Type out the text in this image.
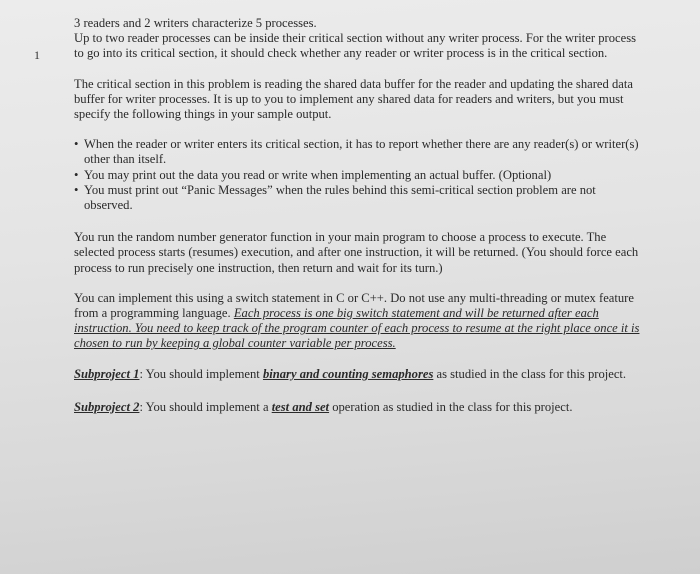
1

3 readers and 2 writers characterize 5 processes.

Up to two reader processes can be inside their critical section without any writer process. For the writer process to go into its critical section, it should check whether any reader or writer process is in the critical section.

The critical section in this problem is reading the shared data buffer for the reader and updating the shared data buffer for writer processes. It is up to you to implement any shared data for readers and writers, but you must specify the following things in your sample output.

• When the reader or writer enters its critical section, it has to report whether there are any reader(s) or writer(s) other than itself.
• You may print out the data you read or write when implementing an actual buffer. (Optional)
• You must print out “Panic Messages” when the rules behind this semi-critical section problem are not observed.

You run the random number generator function in your main program to choose a process to execute. The selected process starts (resumes) execution, and after one instruction, it will be returned. (You should force each process to run precisely one instruction, then return and wait for its turn.)

You can implement this using a switch statement in C or C++. Do not use any multi-threading or mutex feature from a programming language. Each process is one big switch statement and will be returned after each instruction. You need to keep track of the program counter of each process to resume at the right place once it is chosen to run by keeping a global counter variable per process.

Subproject 1: You should implement binary and counting semaphores as studied in the class for this project.

Subproject 2: You should implement a test and set operation as studied in the class for this project.
